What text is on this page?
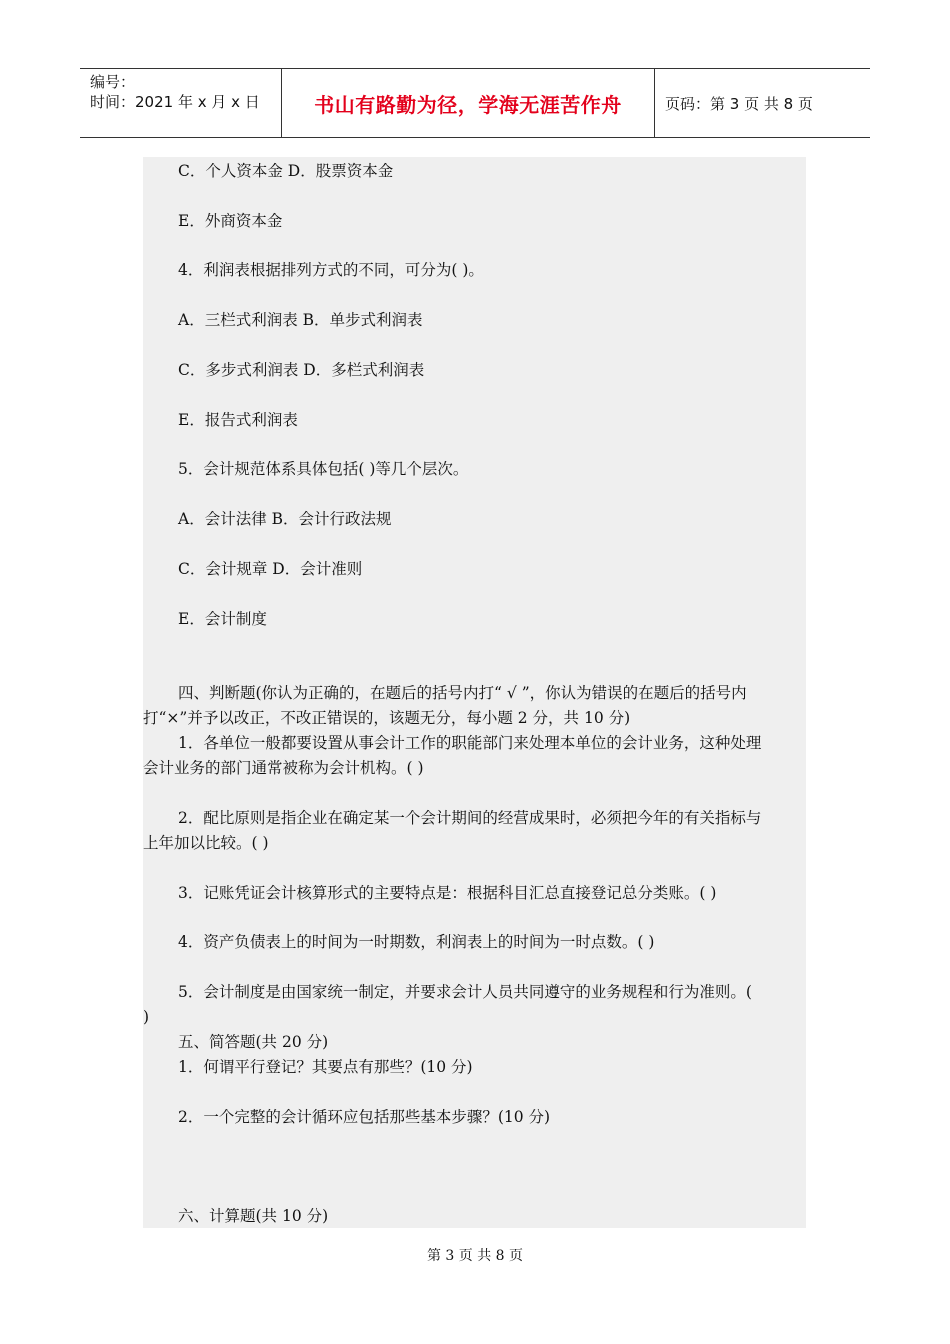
编号：
时间：2021 年 x 月 x 日	书山有路勤为径，学海无涯苦作舟	页码：第 3 页 共 8 页
C．个人资本金 D．股票资本金
E．外商资本金
4．利润表根据排列方式的不同，可分为( )。
A．三栏式利润表 B．单步式利润表
C．多步式利润表 D．多栏式利润表
E．报告式利润表
5．会计规范体系具体包括( )等几个层次。
A．会计法律 B．会计行政法规
C．会计规章 D．会计准则
E．会计制度
四、判断题(你认为正确的，在题后的括号内打“ √ ”，你认为错误的在题后的括号内
打“×”并予以改正，不改正错误的，该题无分，每小题 2 分，共 10 分)
1．各单位一般都要设置从事会计工作的职能部门来处理本单位的会计业务，这种处理
会计业务的部门通常被称为会计机构。( )
2．配比原则是指企业在确定某一个会计期间的经营成果时，必须把今年的有关指标与
上年加以比较。( )
3．记账凭证会计核算形式的主要特点是：根据科目汇总直接登记总分类账。( )
4．资产负债表上的时间为一时期数，利润表上的时间为一时点数。( )
5．会计制度是由国家统一制定，并要求会计人员共同遵守的业务规程和行为准则。(
)
五、简答题(共 20 分)
1．何谓平行登记？其要点有那些？(10 分)
2．一个完整的会计循环应包括那些基本步骤？(10 分)
六、计算题(共 10 分)
第 3 页 共 8 页
